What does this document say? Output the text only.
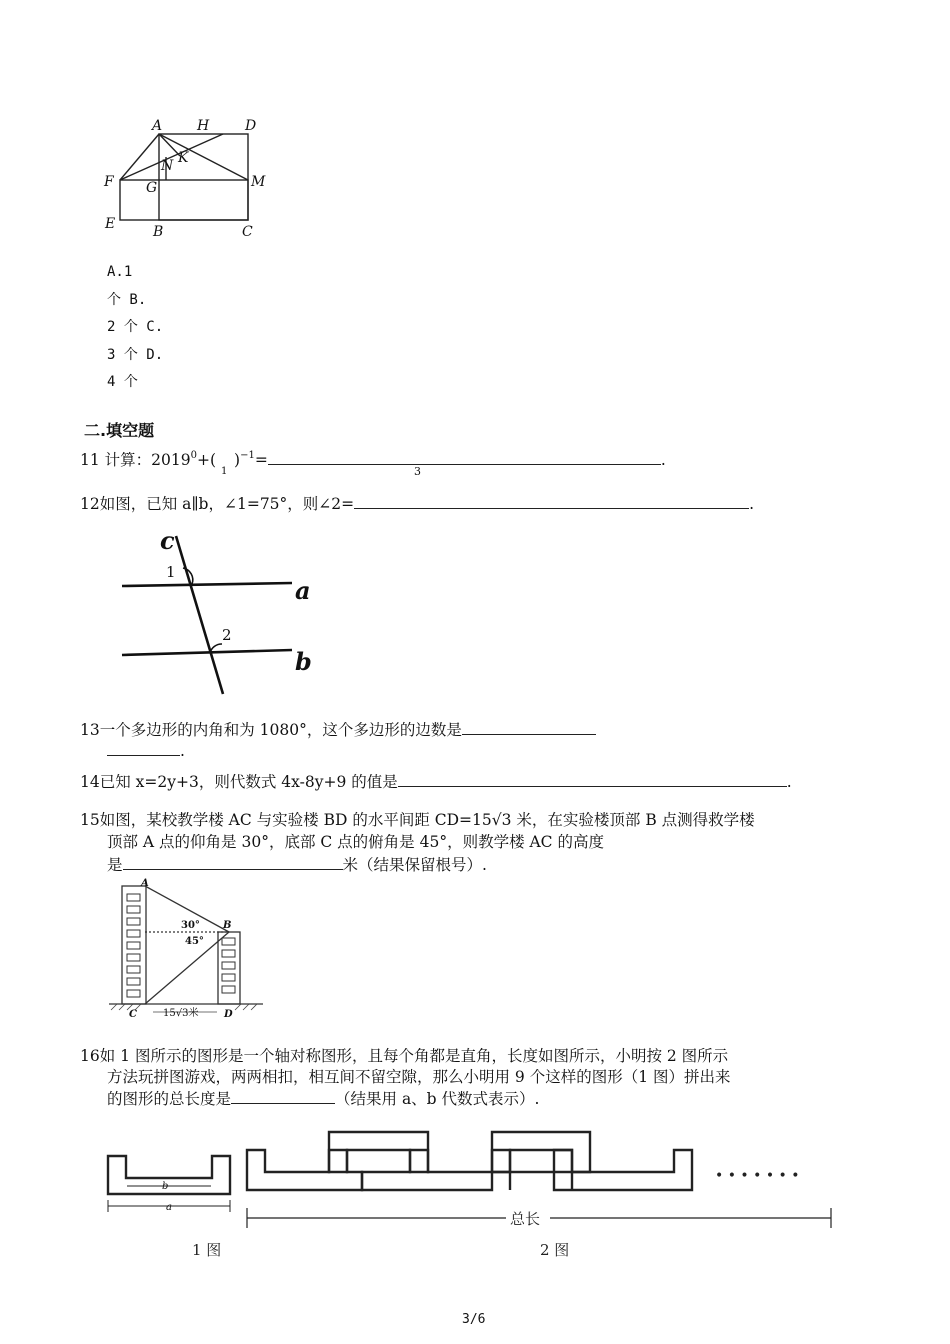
A H	D
N K
F G	M
E	B	C
A.1
个 B.
2 个 C.
3 个 D.
4 个
二.填空题
11 计算：$2019^0+$(
1
)$^{-1}$=	.
3
12如图，已知 a∥b，∠1=75°，则∠2=	.
c
a
b
1
2
13一个多边形的内角和为 1080°，这个多边形的边数是
.
14已知 x=2y+3，则代数式 4x-8y+9 的值是	.
15如图，某校教学楼 AC 与实验楼 BD 的水平间距 CD=15√3 米，在实验楼顶部 B 点测得救学楼
顶部 A 点的仰角是 30°，底部 C 点的俯角是 45°，则教学楼 AC 的高度
是	米（结果保留根号）.
A
B
C	D
30°
45°
15√3米
16如 1 图所示的图形是一个轴对称图形，且每个角都是直角，长度如图所示，小明按 2 图所示
方法玩拼图游戏，两两相扣，相互间不留空隙，那么小明用 9 个这样的图形（1 图）拼出来
的图形的总长度是	（结果用 a、b 代数式表示）.
b
a
1 图
总长
• • • • • • •
2 图
3/6
